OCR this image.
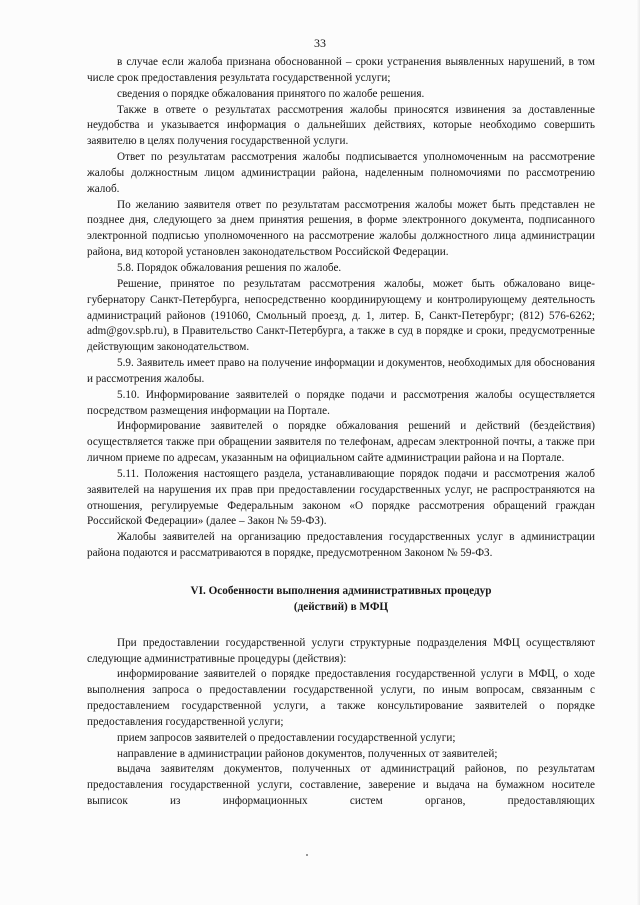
33

в случае если жалоба признана обоснованной – сроки устранения выявленных нарушений, в том числе срок предоставления результата государственной услуги;

сведения о порядке обжалования принятого по жалобе решения.

Также в ответе о результатах рассмотрения жалобы приносятся извинения за доставленные неудобства и указывается информация о дальнейших действиях, которые необходимо совершить заявителю в целях получения государственной услуги.

Ответ по результатам рассмотрения жалобы подписывается уполномоченным на рассмотрение жалобы должностным лицом администрации района, наделенным полномочиями по рассмотрению жалоб.

По желанию заявителя ответ по результатам рассмотрения жалобы может быть представлен не позднее дня, следующего за днем принятия решения, в форме электронного документа, подписанного электронной подписью уполномоченного на рассмотрение жалобы должностного лица администрации района, вид которой установлен законодательством Российской Федерации.

5.8. Порядок обжалования решения по жалобе.

Решение, принятое по результатам рассмотрения жалобы, может быть обжаловано вице-губернатору Санкт-Петербурга, непосредственно координирующему и контролирующему деятельность администраций районов (191060, Смольный проезд, д. 1, литер. Б, Санкт-Петербург; (812) 576-6262; adm@gov.spb.ru), в Правительство Санкт-Петербурга, а также в суд в порядке и сроки, предусмотренные действующим законодательством.

5.9. Заявитель имеет право на получение информации и документов, необходимых для обоснования и рассмотрения жалобы.

5.10. Информирование заявителей о порядке подачи и рассмотрения жалобы осуществляется посредством размещения информации на Портале.

Информирование заявителей о порядке обжалования решений и действий (бездействия) осуществляется также при обращении заявителя по телефонам, адресам электронной почты, а также при личном приеме по адресам, указанным на официальном сайте администрации района и на Портале.

5.11. Положения настоящего раздела, устанавливающие порядок подачи и рассмотрения жалоб заявителей на нарушения их прав при предоставлении государственных услуг, не распространяются на отношения, регулируемые Федеральным законом «О порядке рассмотрения обращений граждан Российской Федерации» (далее – Закон № 59-ФЗ).

Жалобы заявителей на организацию предоставления государственных услуг в администрации района подаются и рассматриваются в порядке, предусмотренном Законом № 59-ФЗ.

VI. Особенности выполнения административных процедур

(действий) в МФЦ

При предоставлении государственной услуги структурные подразделения МФЦ осуществляют следующие административные процедуры (действия):

информирование заявителей о порядке предоставления государственной услуги в МФЦ, о ходе выполнения запроса о предоставлении государственной услуги, по иным вопросам, связанным с предоставлением государственной услуги, а также консультирование заявителей о порядке предоставления государственной услуги;

прием запросов заявителей о предоставлении государственной услуги;

направление в администрации районов документов, полученных от заявителей;

выдача заявителям документов, полученных от администраций районов, по результатам предоставления государственной услуги, составление, заверение и выдача на бумажном носителе выписок из информационных систем органов, предоставляющих
